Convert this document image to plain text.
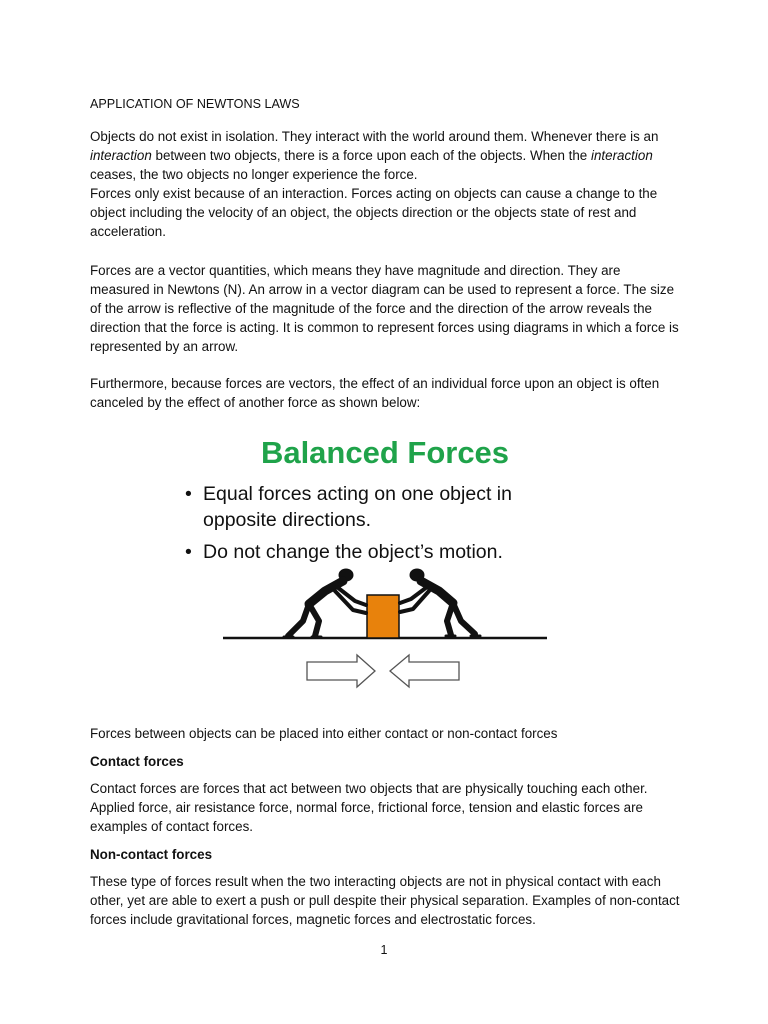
APPLICATION OF NEWTONS LAWS
Objects do not exist in isolation. They interact with the world around them. Whenever there is an interaction between two objects, there is a force upon each of the objects. When the interaction ceases, the two objects no longer experience the force.
Forces only exist because of an interaction. Forces acting on objects can cause a change to the object including the velocity of an object, the objects direction or the objects state of rest and acceleration.
Forces are a vector quantities, which means they have magnitude and direction. They are measured in Newtons (N). An arrow in a vector diagram can be used to represent a force. The size of the arrow is reflective of the magnitude of the force and the direction of the arrow reveals the direction that the force is acting. It is common to represent forces using diagrams in which a force is represented by an arrow.
Furthermore, because forces are vectors, the effect of an individual force upon an object is often canceled by the effect of another force as shown below:
Balanced Forces
• Equal forces acting on one object in
opposite directions.
• Do not change the object’s motion.
Forces between objects can be placed into either contact or non-contact forces
Contact forces
Contact forces are forces that act between two objects that are physically touching each other. Applied force, air resistance force, normal force, frictional force, tension and elastic forces are examples of contact forces.
Non-contact forces
These type of forces result when the two interacting objects are not in physical contact with each other, yet are able to exert a push or pull despite their physical separation. Examples of non-contact forces include gravitational forces, magnetic forces and electrostatic forces.
1
